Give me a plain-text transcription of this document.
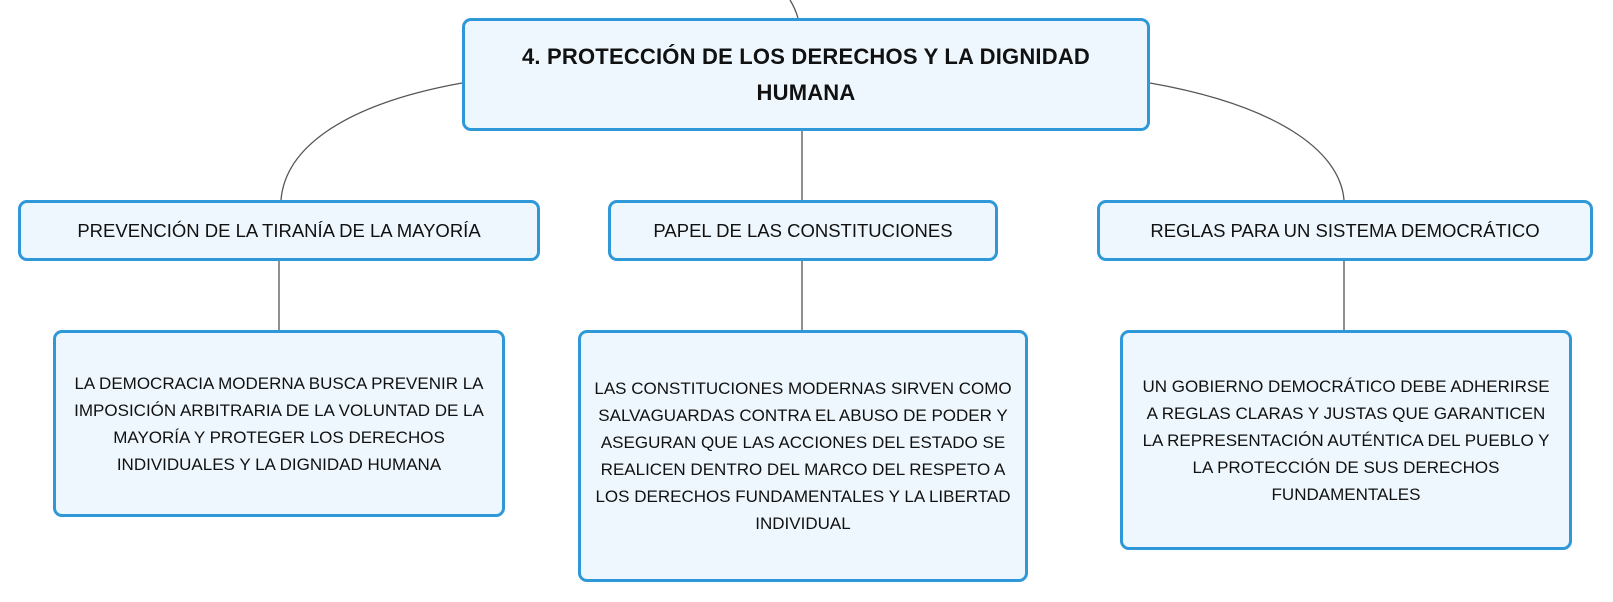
4. PROTECCIÓN DE LOS DERECHOS Y LA DIGNIDAD HUMANA
PREVENCIÓN DE LA TIRANÍA DE LA MAYORÍA	PAPEL DE LAS CONSTITUCIONES	REGLAS PARA UN SISTEMA DEMOCRÁTICO
LA DEMOCRACIA MODERNA BUSCA PREVENIR LA IMPOSICIÓN ARBITRARIA DE LA VOLUNTAD DE LA MAYORÍA Y PROTEGER LOS DERECHOS INDIVIDUALES Y LA DIGNIDAD HUMANA
LAS CONSTITUCIONES MODERNAS SIRVEN COMO SALVAGUARDAS CONTRA EL ABUSO DE PODER Y ASEGURAN QUE LAS ACCIONES DEL ESTADO SE REALICEN DENTRO DEL MARCO DEL RESPETO A LOS DERECHOS FUNDAMENTALES Y LA LIBERTAD INDIVIDUAL
UN GOBIERNO DEMOCRÁTICO DEBE ADHERIRSE A REGLAS CLARAS Y JUSTAS QUE GARANTICEN LA REPRESENTACIÓN AUTÉNTICA DEL PUEBLO Y LA PROTECCIÓN DE SUS DERECHOS FUNDAMENTALES
